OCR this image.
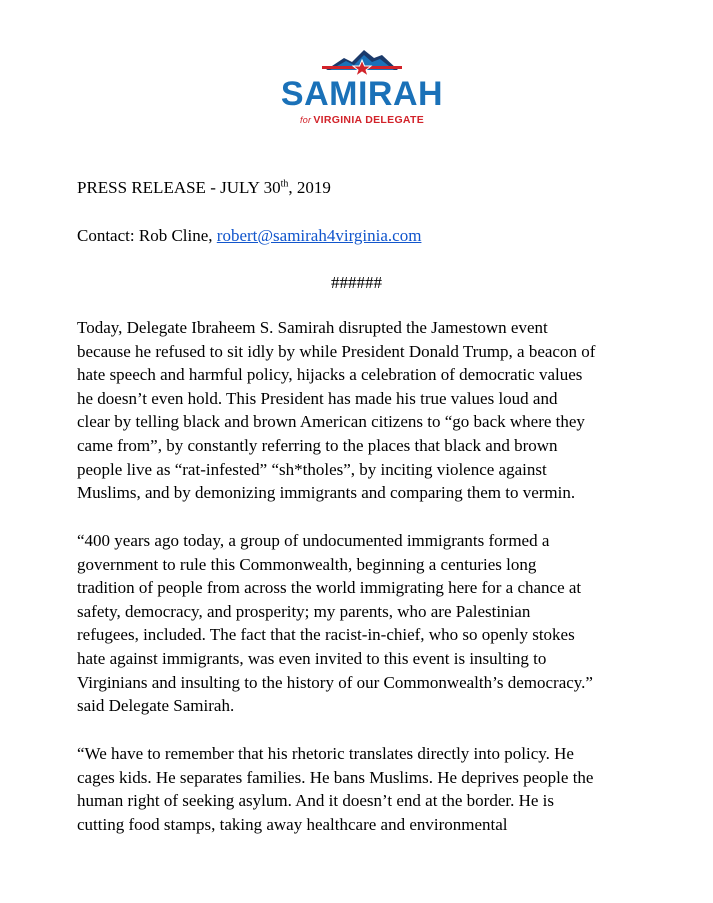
SAMIRAH
for VIRGINIA DELEGATE
PRESS RELEASE - JULY 30th, 2019
Contact: Rob Cline, robert@samirah4virginia.com
######
Today, Delegate Ibraheem S. Samirah disrupted the Jamestown event
because he refused to sit idly by while President Donald Trump, a beacon of
hate speech and harmful policy, hijacks a celebration of democratic values
he doesn’t even hold. This President has made his true values loud and
clear by telling black and brown American citizens to “go back where they
came from”, by constantly referring to the places that black and brown
people live as “rat-infested” “sh*tholes”, by inciting violence against
Muslims, and by demonizing immigrants and comparing them to vermin.
“400 years ago today, a group of undocumented immigrants formed a
government to rule this Commonwealth, beginning a centuries long
tradition of people from across the world immigrating here for a chance at
safety, democracy, and prosperity; my parents, who are Palestinian
refugees, included. The fact that the racist-in-chief, who so openly stokes
hate against immigrants, was even invited to this event is insulting to
Virginians and insulting to the history of our Commonwealth’s democracy.”
said Delegate Samirah.
“We have to remember that his rhetoric translates directly into policy. He
cages kids. He separates families. He bans Muslims. He deprives people the
human right of seeking asylum. And it doesn’t end at the border. He is
cutting food stamps, taking away healthcare and environmental
